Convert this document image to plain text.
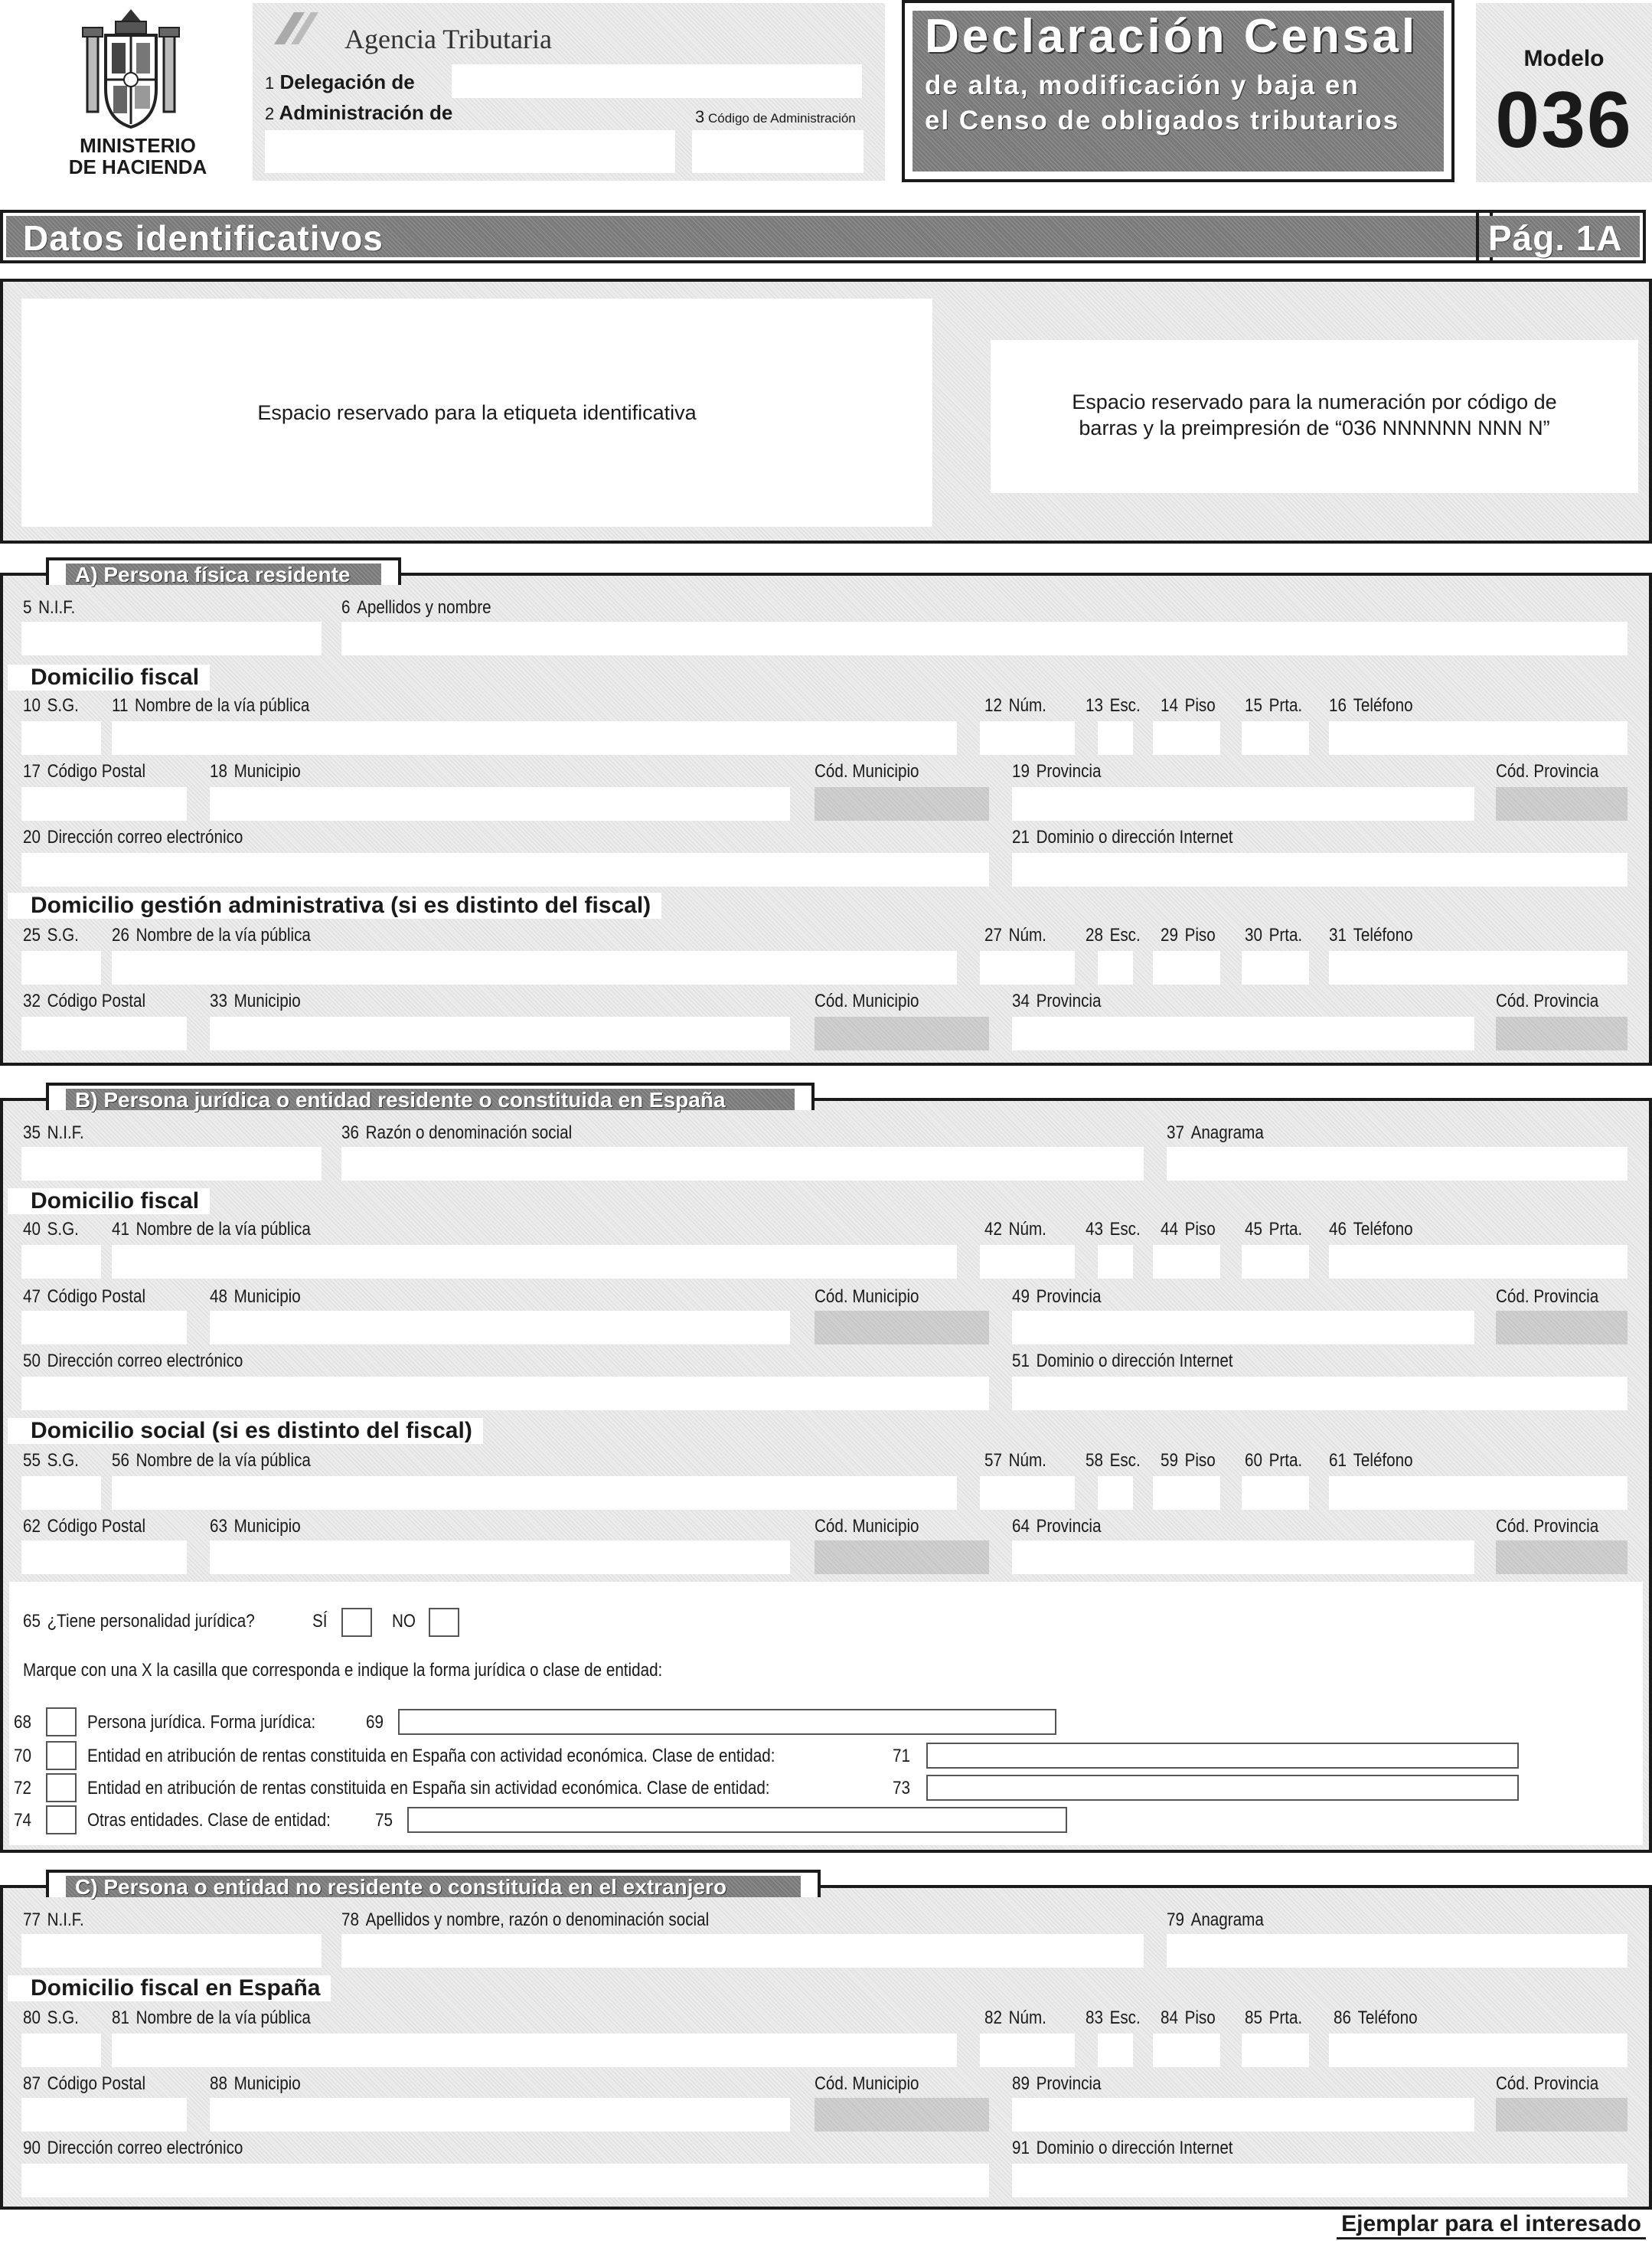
MINISTERIO
DE HACIENDA
Agencia Tributaria
1 Delegación de
2 Administración de	3 Código de Administración
Declaración Censal
de alta, modificación y baja en
el Censo de obligados tributarios
Modelo
036
Datos identificativos	Pág. 1A
Espacio reservado para la etiqueta identificativa	Espacio reservado para la numeración por código de
barras y la preimpresión de “036 NNNNNN NNN N”
A) Persona física residente
5 N.I.F.	6 Apellidos y nombre
Domicilio fiscal
10 S.G. 11 Nombre de la vía pública	12 Núm. 13 Esc. 14 Piso 15 Prta. 16 Teléfono
17 Código Postal	18 Municipio	Cód. Municipio	19 Provincia	Cód. Provincia
20 Dirección correo electrónico	21 Dominio o dirección Internet
Domicilio gestión administrativa (si es distinto del fiscal)
25 S.G. 26 Nombre de la vía pública	27 Núm. 28 Esc. 29 Piso 30 Prta. 31 Teléfono
32 Código Postal	33 Municipio	Cód. Municipio	34 Provincia	Cód. Provincia
B) Persona jurídica o entidad residente o constituida en España
35 N.I.F.	36 Razón o denominación social	37 Anagrama
Domicilio fiscal
40 S.G. 41 Nombre de la vía pública	42 Núm. 43 Esc. 44 Piso 45 Prta. 46 Teléfono
47 Código Postal	48 Municipio	Cód. Municipio	49 Provincia	Cód. Provincia
50 Dirección correo electrónico	51 Dominio o dirección Internet
Domicilio social (si es distinto del fiscal)
55 S.G. 56 Nombre de la vía pública	57 Núm. 58 Esc. 59 Piso 60 Prta. 61 Teléfono
62 Código Postal	63 Municipio	Cód. Municipio	64 Provincia	Cód. Provincia
65 ¿Tiene personalidad jurídica?	SÍ	NO
Marque con una X la casilla que corresponda e indique la forma jurídica o clase de entidad:
68	Persona jurídica. Forma jurídica:	69
70	Entidad en atribución de rentas constituida en España con actividad económica. Clase de entidad:	71
72	Entidad en atribución de rentas constituida en España sin actividad económica. Clase de entidad:	73
74	Otras entidades. Clase de entidad: 75
C) Persona o entidad no residente o constituida en el extranjero
77 N.I.F.	78 Apellidos y nombre, razón o denominación social	79 Anagrama
Domicilio fiscal en España
80 S.G. 81 Nombre de la vía pública	82 Núm. 83 Esc. 84 Piso 85 Prta. 86 Teléfono
87 Código Postal	88 Municipio	Cód. Municipio	89 Provincia	Cód. Provincia
90 Dirección correo electrónico	91 Dominio o dirección Internet
Ejemplar para el interesado
